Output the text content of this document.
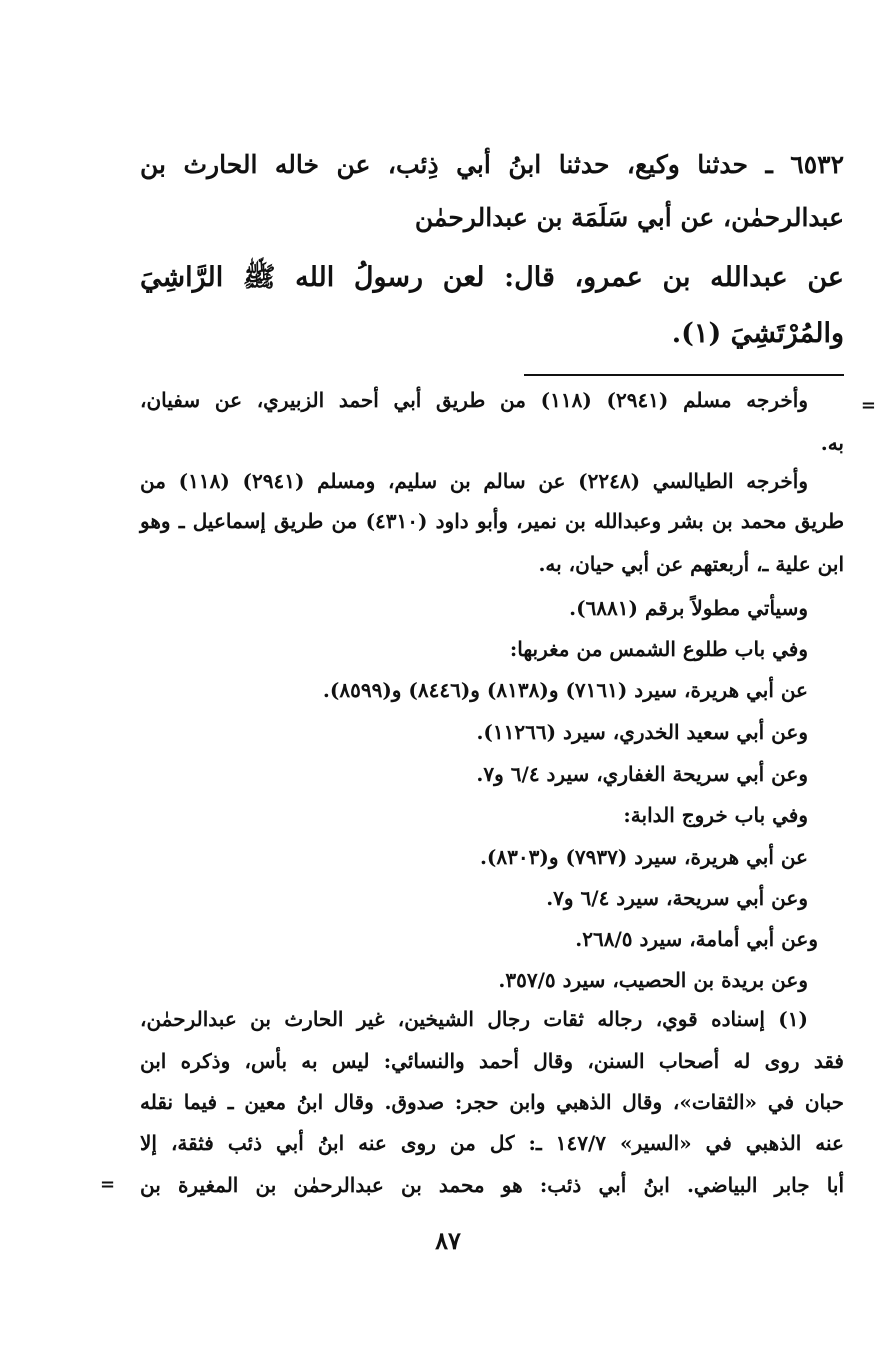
٦٥٣٢ ـ حدثنا وكيع، حدثنا ابنُ أبي ذِئب، عن خاله الحارث بن
عبدالرحمٰن، عن أبي سَلَمَة بن عبدالرحمٰن
عن عبدالله بن عمرو، قال: لعن رسولُ الله ﷺ الرَّاشِيَ
والمُرْتَشِيَ (١).
=
وأخرجه مسلم (٢٩٤١) (١١٨) من طريق أبي أحمد الزبيري، عن سفيان،
به.
وأخرجه الطيالسي (٢٢٤٨) عن سالم بن سليم، ومسلم (٢٩٤١) (١١٨) من
طريق محمد بن بشر وعبدالله بن نمير، وأبو داود (٤٣١٠) من طريق إسماعيل ـ وهو
ابن علية ـ، أربعتهم عن أبي حيان، به.
وسيأتي مطولاً برقم (٦٨٨١).
وفي باب طلوع الشمس من مغربها:
عن أبي هريرة، سيرد (٧١٦١) و(٨١٣٨) و(٨٤٤٦) و(٨٥٩٩).
وعن أبي سعيد الخدري، سيرد (١١٢٦٦).
وعن أبي سريحة الغفاري، سيرد ٦/٤ و٧.
وفي باب خروج الدابة:
عن أبي هريرة، سيرد (٧٩٣٧) و(٨٣٠٣).
وعن أبي سريحة، سيرد ٦/٤ و٧.
وعن أبي أمامة، سيرد ٢٦٨/٥.
وعن بريدة بن الحصيب، سيرد ٣٥٧/٥.
(١) إسناده قوي، رجاله ثقات رجال الشيخين، غير الحارث بن عبدالرحمٰن،
فقد روى له أصحاب السنن، وقال أحمد والنسائي: ليس به بأس، وذكره ابن
حبان في «الثقات»، وقال الذهبي وابن حجر: صدوق. وقال ابنُ معين ـ فيما نقله
عنه الذهبي في «السير» ١٤٧/٧ ـ: كل من روى عنه ابنُ أبي ذئب فثقة، إلا
أبا جابر البياضي. ابنُ أبي ذئب: هو محمد بن عبدالرحمٰن بن المغيرة بن
=
٨٧
